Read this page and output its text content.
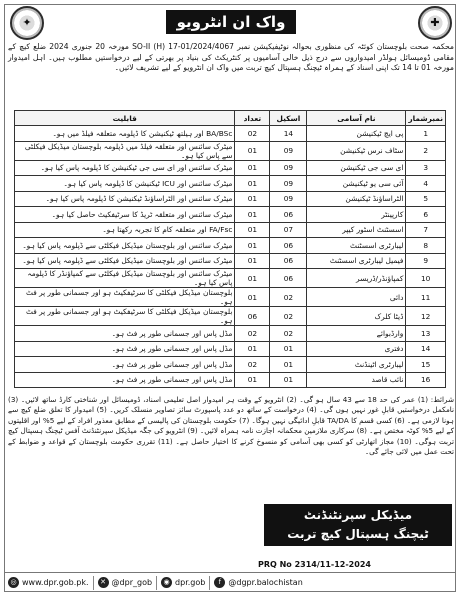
✦	واک ان انٹرویو	✚
محکمہ صحت بلوچستان کوئٹہ کی منظوری بحوالہ نوٹیفیکیشن نمبر SO-II (H) 17-01/2024/4067 مورخہ 20 جنوری 2024 ضلع کیچ کے مقامی ڈومیسائل ہولڈر امیدواروں سے درج ذیل خالی آسامیوں پر کنٹریکٹ کی بنیاد پر بھرتی کے لیے درخواستیں مطلوب ہیں۔ اہل امیدوار مورخہ 01 تا 14 تک اپنی اسناد کے ہمراہ ٹیچنگ ہسپتال کیچ تربت میں واک ان انٹرویو کے لیے تشریف لائیں۔
نمبرشمار	نام آسامی	اسکیل	تعداد	قابلیت
1	پی ایچ ٹیکنیشن	14	02	BA/BSc اور ہیلتھ ٹیکنیشن کا ڈپلومہ متعلقہ فیلڈ میں ہو۔
2	سٹاف نرس ٹیکنیشن	09	01	میٹرک سائنس اور متعلقہ فیلڈ میں ڈپلومہ بلوچستان میڈیکل فیکلٹی سے پاس کیا ہو۔
3	ای سی جی ٹیکنیشن	09	01	میٹرک سائنس اور ای سی جی ٹیکنیشن کا ڈپلومہ پاس کیا ہو۔
4	آئی سی یو ٹیکنیشن	09	01	میٹرک سائنس اور ICU ٹیکنیشن کا ڈپلومہ پاس کیا ہو۔
5	الٹراساؤنڈ ٹیکنیشن	09	01	میٹرک سائنس اور الٹراساؤنڈ ٹیکنیشن کا ڈپلومہ پاس کیا ہو۔
6	کارپینٹر	06	01	میٹرک سائنس اور متعلقہ ٹریڈ کا سرٹیفکیٹ حاصل کیا ہو۔
7	اسسٹنٹ اسٹور کیپر	07	01	FA/Fsc اور متعلقہ کام کا تجربہ رکھتا ہو۔
8	لیبارٹری اسسٹنٹ	06	01	میٹرک سائنس اور بلوچستان میڈیکل فیکلٹی سے ڈپلومہ پاس کیا ہو۔
9	فیمیل لیبارٹری اسسٹنٹ	06	01	میٹرک سائنس اور بلوچستان میڈیکل فیکلٹی سے ڈپلومہ پاس کیا ہو۔
10	کمپاؤنڈر/ڈریسر	06	01	میٹرک سائنس اور بلوچستان میڈیکل فیکلٹی سے کمپاؤنڈر کا ڈپلومہ پاس کیا ہو۔
11	دائی	02	01	بلوچستان میڈیکل فیکلٹی کا سرٹیفکیٹ ہو اور جسمانی طور پر فٹ ہو۔
12	ڈیٹا کلرک	02	06	بلوچستان میڈیکل فیکلٹی کا سرٹیفکیٹ ہو اور جسمانی طور پر فٹ ہو۔
13	وارڈبوائے	02	02	مڈل پاس اور جسمانی طور پر فٹ ہو۔
14	دفتری	01	01	مڈل پاس اور جسمانی طور پر فٹ ہو۔
15	لیبارٹری اٹینڈنٹ	01	02	مڈل پاس اور جسمانی طور پر فٹ ہو۔
16	نائب قاصد	01	01	مڈل پاس اور جسمانی طور پر فٹ ہو۔
شرائط: (1) عمر کی حد 18 سے 43 سال ہو گی۔ (2) انٹرویو کے وقت ہر امیدوار اصل تعلیمی اسناد، ڈومیسائل اور شناختی کارڈ ساتھ لائیں۔ (3) نامکمل درخواستیں قابلِ غور نہیں ہوں گی۔ (4) درخواست کے ساتھ دو عدد پاسپورٹ سائز تصاویر منسلک کریں۔ (5) امیدوار کا تعلق ضلع کیچ سے ہونا لازمی ہے۔ (6) کسی قسم کا TA/DA قابلِ ادائیگی نہیں ہوگا۔ (7) حکومت بلوچستان کی پالیسی کے مطابق معذور افراد کے لیے 5% اور اقلیتوں کے لیے 5% کوٹہ مختص ہے۔ (8) سرکاری ملازمین محکمانہ اجازت نامہ ہمراہ لائیں۔ (9) انٹرویو کی جگہ میڈیکل سپرنٹنڈنٹ آفس ٹیچنگ ہسپتال کیچ تربت ہوگی۔ (10) مجاز اتھارٹی کو کسی بھی آسامی کو منسوخ کرنے کا اختیار حاصل ہے۔ (11) تقرری حکومت بلوچستان کے قواعد و ضوابط کے تحت عمل میں لائی جائے گی۔
میڈیکل سپرنٹنڈنٹ
ٹیچنگ ہسپتال کیچ تربت
PRQ No 2314/11-12-2024
◎ www.dpr.gob.pk.	✕ @dpr_gob	◉ dpr.gob	f @dgpr.balochistan
